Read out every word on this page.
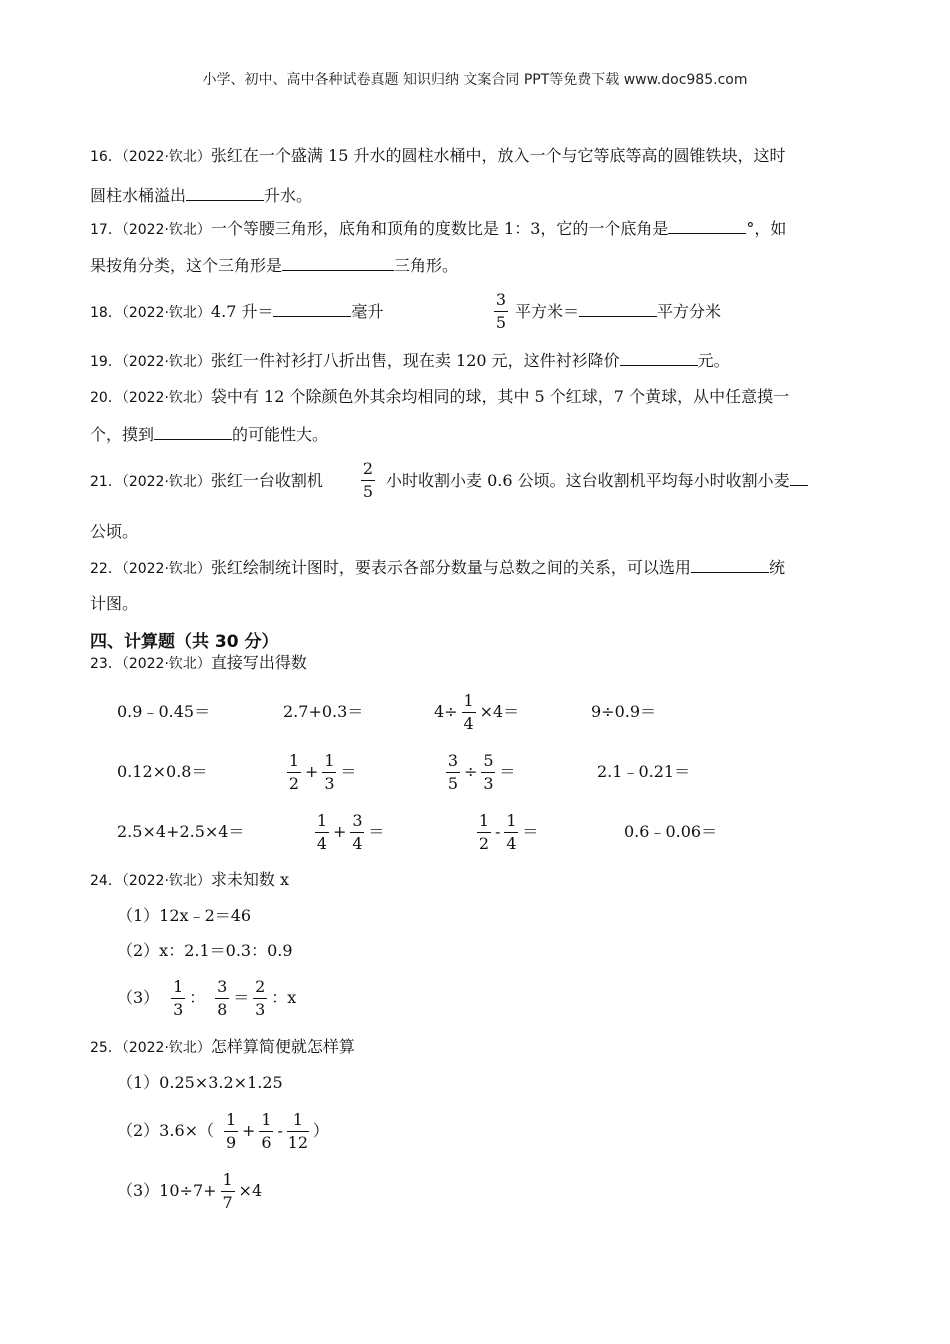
小学、初中、高中各种试卷真题 知识归纳 文案合同 PPT等免费下载 www.doc985.com
16．（2022·钦北）张红在一个盛满 15 升水的圆柱水桶中，放入一个与它等底等高的圆锥铁块，这时
圆柱水桶溢出	升水。
17．（2022·钦北）一个等腰三角形，底角和顶角的度数比是 1：3，它的一个底角是	°，如
果按角分类，这个三角形是	三角形。
18．（2022·钦北）4.7 升＝	毫升	$\frac{3}{5}$ 平方米＝	平方分米
19．（2022·钦北）张红一件衬衫打八折出售，现在卖 120 元，这件衬衫降价	元。
20．（2022·钦北）袋中有 12 个除颜色外其余均相同的球，其中 5 个红球，7 个黄球，从中任意摸一
个，摸到	的可能性大。
21．（2022·钦北）张红一台收割机 $\frac{2}{5}$ 小时收割小麦 0.6 公顷。这台收割机平均每小时收割小麦
公顷。
22．（2022·钦北）张红绘制统计图时，要表示各部分数量与总数之间的关系，可以选用	统
计图。
四、计算题（共 30 分）
23．（2022·钦北）直接写出得数
0.9﹣0.45＝	2.7+0.3＝	$4\div \frac{1}{4} \times 4=$	9÷0.9＝
0.12×0.8＝	$\frac{1}{2} + \frac{1}{3}$ ＝	$\frac{3}{5} \div \frac{5}{3}$ ＝	2.1﹣0.21＝
2.5×4+2.5×4＝	$\frac{1}{4} + \frac{3}{4}$ ＝	$\frac{1}{2} - \frac{1}{4}$ ＝	0.6﹣0.06＝
24．（2022·钦北）求未知数 x
（1）12x﹣2＝46
（2）x：2.1＝0.3：0.9
$(3) \frac{1}{3}$ ： $\frac{3}{8} = \frac{2}{3}$ ：x
25．（2022·钦北）怎样算简便就怎样算
（1）0.25×3.2×1.25
$(2)3.6\times( \frac{1}{9} + \frac{1}{6} - \frac{1}{12}$ ）
$(3)10\div 7+ \frac{1}{7} \times 4$
